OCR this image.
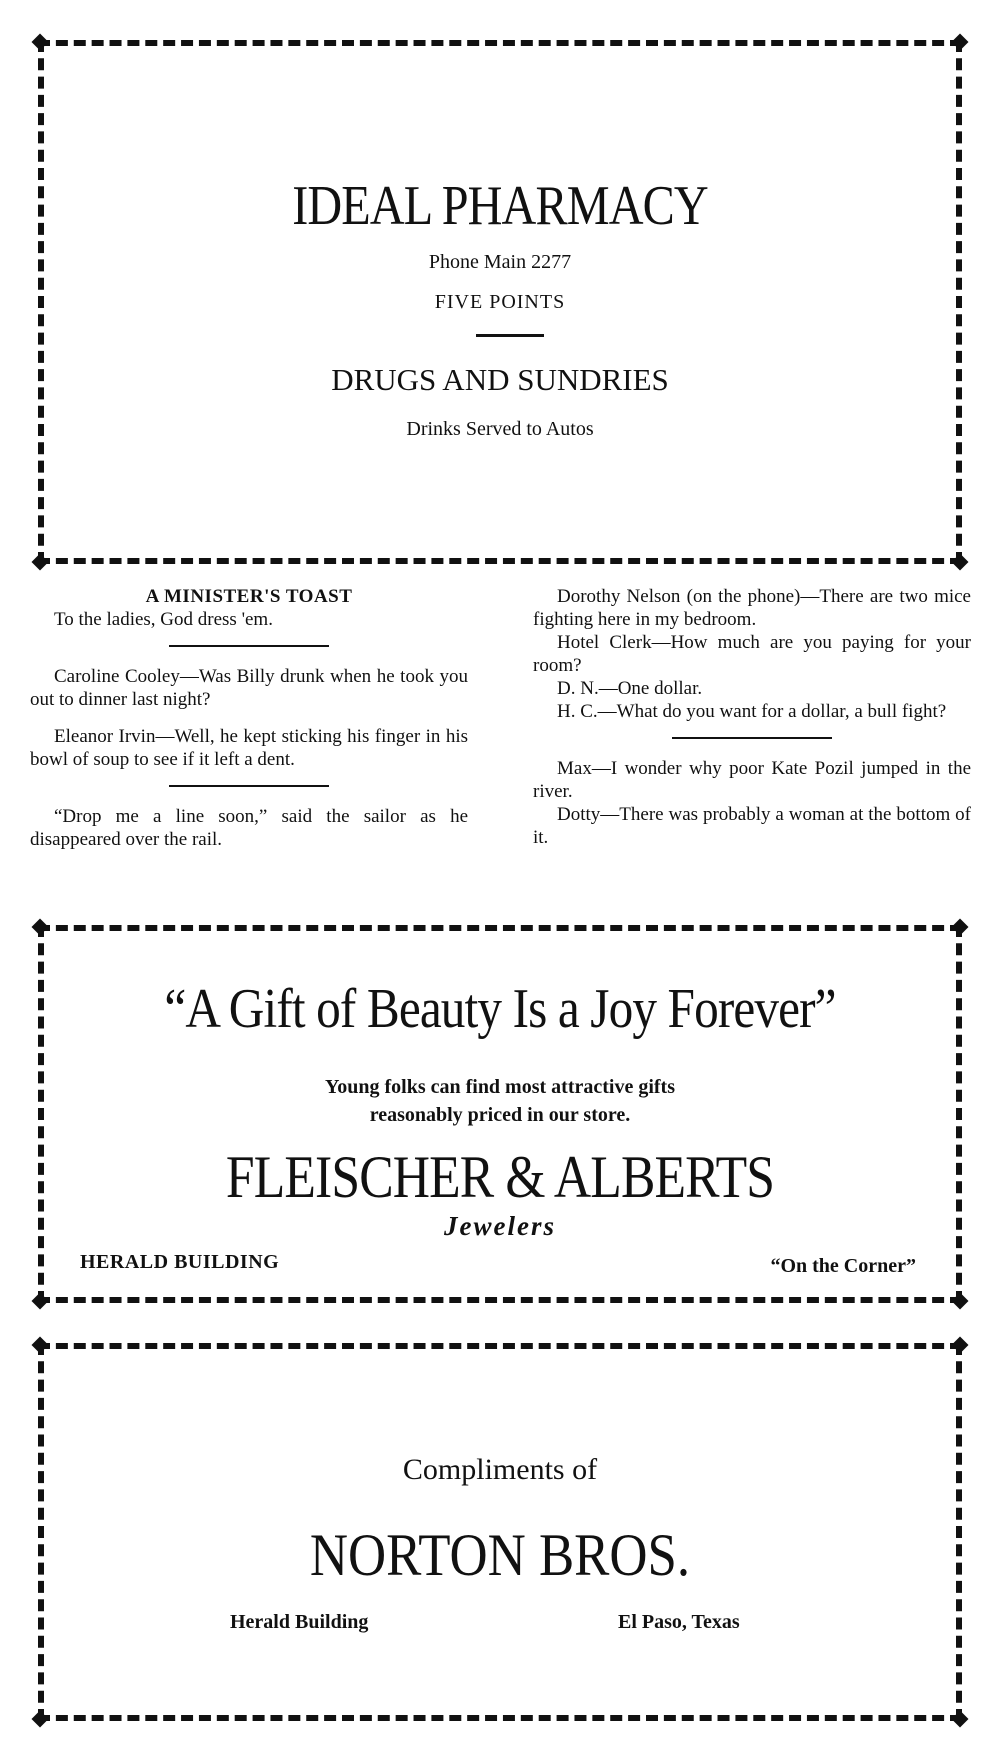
IDEAL PHARMACY
Phone Main 2277
FIVE POINTS
DRUGS AND SUNDRIES
Drinks Served to Autos

A MINISTER'S TOAST

To the ladies, God dress 'em.

Caroline Cooley—Was Billy drunk when he took you out to dinner last night?

Eleanor Irvin—Well, he kept sticking his finger in his bowl of soup to see if it left a dent.

“Drop me a line soon,” said the sailor as he disappeared over the rail.

Dorothy Nelson (on the phone)—There are two mice fighting here in my bedroom.

Hotel Clerk—How much are you paying for your room?

D. N.—One dollar.

H. C.—What do you want for a dollar, a bull fight?

Max—I wonder why poor Kate Pozil jumped in the river.

Dotty—There was probably a woman at the bottom of it.

“A Gift of Beauty Is a Joy Forever”
Young folks can find most attractive gifts
reasonably priced in our store.
FLEISCHER & ALBERTS
Jewelers
HERALD BUILDING	“On the Corner”
Compliments of
NORTON BROS.
Herald Building	El Paso, Texas
